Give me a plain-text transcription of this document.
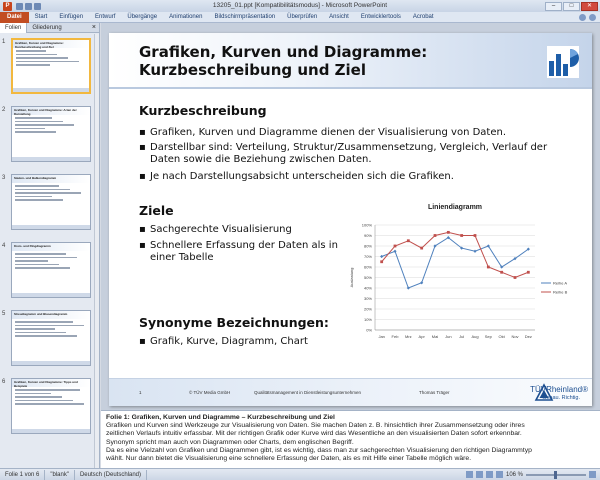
P	13205_01.ppt [Kompatibilitätsmodus] - Microsoft PowerPoint	–	□	✕
Datei	Start	Einfügen	Entwurf	Übergänge	Animationen	Bildschirmpräsentation	Überprüfen	Ansicht	Entwicklertools	Acrobat
Folien	Gliederung	×
1	Grafiken, Kurven und Diagramme: Kurzbeschreibung und Ziel
2	Grafiken, Kurven und Diagramme: Arten der Darstellung
3	Säulen- und Balkendiagramm
4	Kreis- und Ringdiagramm
5	Streudiagramm und Blasendiagramm
6	Grafiken, Kurven und Diagramme: Tipps und Beispiele
Grafiken, Kurven und Diagramme:
Kurzbeschreibung und Ziel
Kurzbeschreibung
▪ Grafiken, Kurven und Diagramme dienen der Visualisierung von Daten.
▪ Darstellbar sind: Verteilung, Struktur/Zusammensetzung, Vergleich, Verlauf der Daten sowie die Beziehung zwischen Daten.
▪ Je nach Darstellungsabsicht unterscheiden sich die Grafiken.
Ziele
▪ Sachgerechte Visualisierung
▪ Schnellere Erfassung der Daten als in einer Tabelle
Synonyme Bezeichnungen:
▪ Grafik, Kurve, Diagramm, Chart
Liniendiagramm
0%
10%
20%
30%
40%
50%
60%
70%
80%
90%
100%
Jan Feb Mrz Apr Mai Jun Jul Aug Sep Okt Nov Dez
Auslastung	Reihe A
Reihe B
1	© TÜV Media GmbH	Qualitätsmanagement in Dienstleistungsunternehmen	Thomas Träger	TÜVRheinland®
Genau. Richtig.
Folie 1: Grafiken, Kurven und Diagramme – Kurzbeschreibung und Ziel
Grafiken und Kurven sind Werkzeuge zur Visualisierung von Daten. Sie machen Daten z. B. hinsichtlich ihrer Zusammensetzung oder ihres
zeitlichen Verlaufs intuitiv erfassbar. Mit der richtigen Grafik oder Kurve wird das Wesentliche an den visualisierten Daten sofort erkennbar.
Synonym spricht man auch von Diagrammen oder Charts, dem englischen Begriff.
Da es eine Vielzahl von Grafiken und Diagrammen gibt, ist es wichtig, dass man zur sachgerechten Visualisierung den richtigen Diagrammtyp
wählt. Nur dann bietet die Visualisierung eine schnellere Erfassung der Daten, als es mit Hilfe einer Tabelle möglich wäre.
Folie 1 von 6	"blank"	Deutsch (Deutschland)	106 %
